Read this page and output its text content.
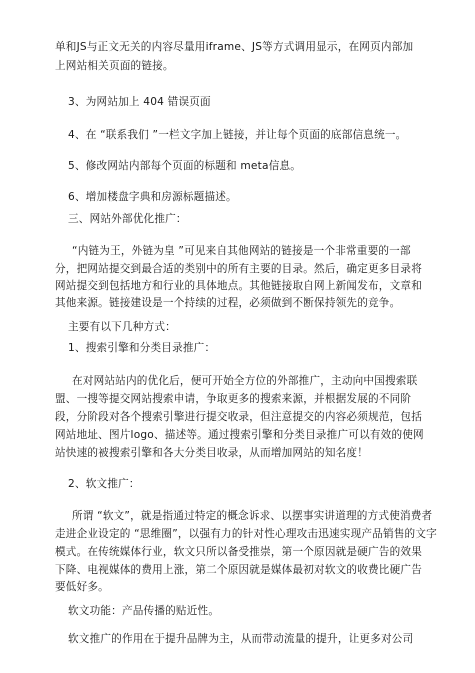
单和JS与正文无关的内容尽量用iframe、JS等方式调用显示，在网页内部加
上网站相关页面的链接。
3、为网站加上 404 错误页面
4、在 “联系我们 ”一栏文字加上链接，并让每个页面的底部信息统一。
5、修改网站内部每个页面的标题和 meta信息。
6、增加楼盘字典和房源标题描述。
三、网站外部优化推广：
“内链为王，外链为皇 ”可见来自其他网站的链接是一个非常重要的一部
分，把网站提交到最合适的类别中的所有主要的目录。然后，确定更多目录将
网站提交到包括地方和行业的具体地点。其他链接取自网上新闻发布，文章和
其他来源。链接建设是一个持续的过程，必须做到不断保持领先的竞争。
主要有以下几种方式：
1、搜索引擎和分类目录推广：
在对网站站内的优化后，便可开始全方位的外部推广，主动向中国搜索联
盟、一搜等提交网站搜索申请，争取更多的搜索来源，并根据发展的不同阶
段，分阶段对各个搜索引擎进行提交收录，但注意提交的内容必须规范，包括
网站地址、图片logo、描述等。通过搜索引擎和分类目录推广可以有效的使网
站快速的被搜索引擎和各大分类目收录，从而增加网站的知名度！
2、软文推广：
所谓 “软文”，就是指通过特定的概念诉求、以摆事实讲道理的方式使消费者
走进企业设定的 “思维圈”，以强有力的针对性心理攻击迅速实现产品销售的文字
模式。在传统媒体行业，软文只所以备受推崇，第一个原因就是硬广告的效果
下降、电视媒体的费用上涨，第二个原因就是媒体最初对软文的收费比硬广告
要低好多。
软文功能：产品传播的贴近性。
软文推广的作用在于提升品牌为主，从而带动流量的提升，让更多对公司
